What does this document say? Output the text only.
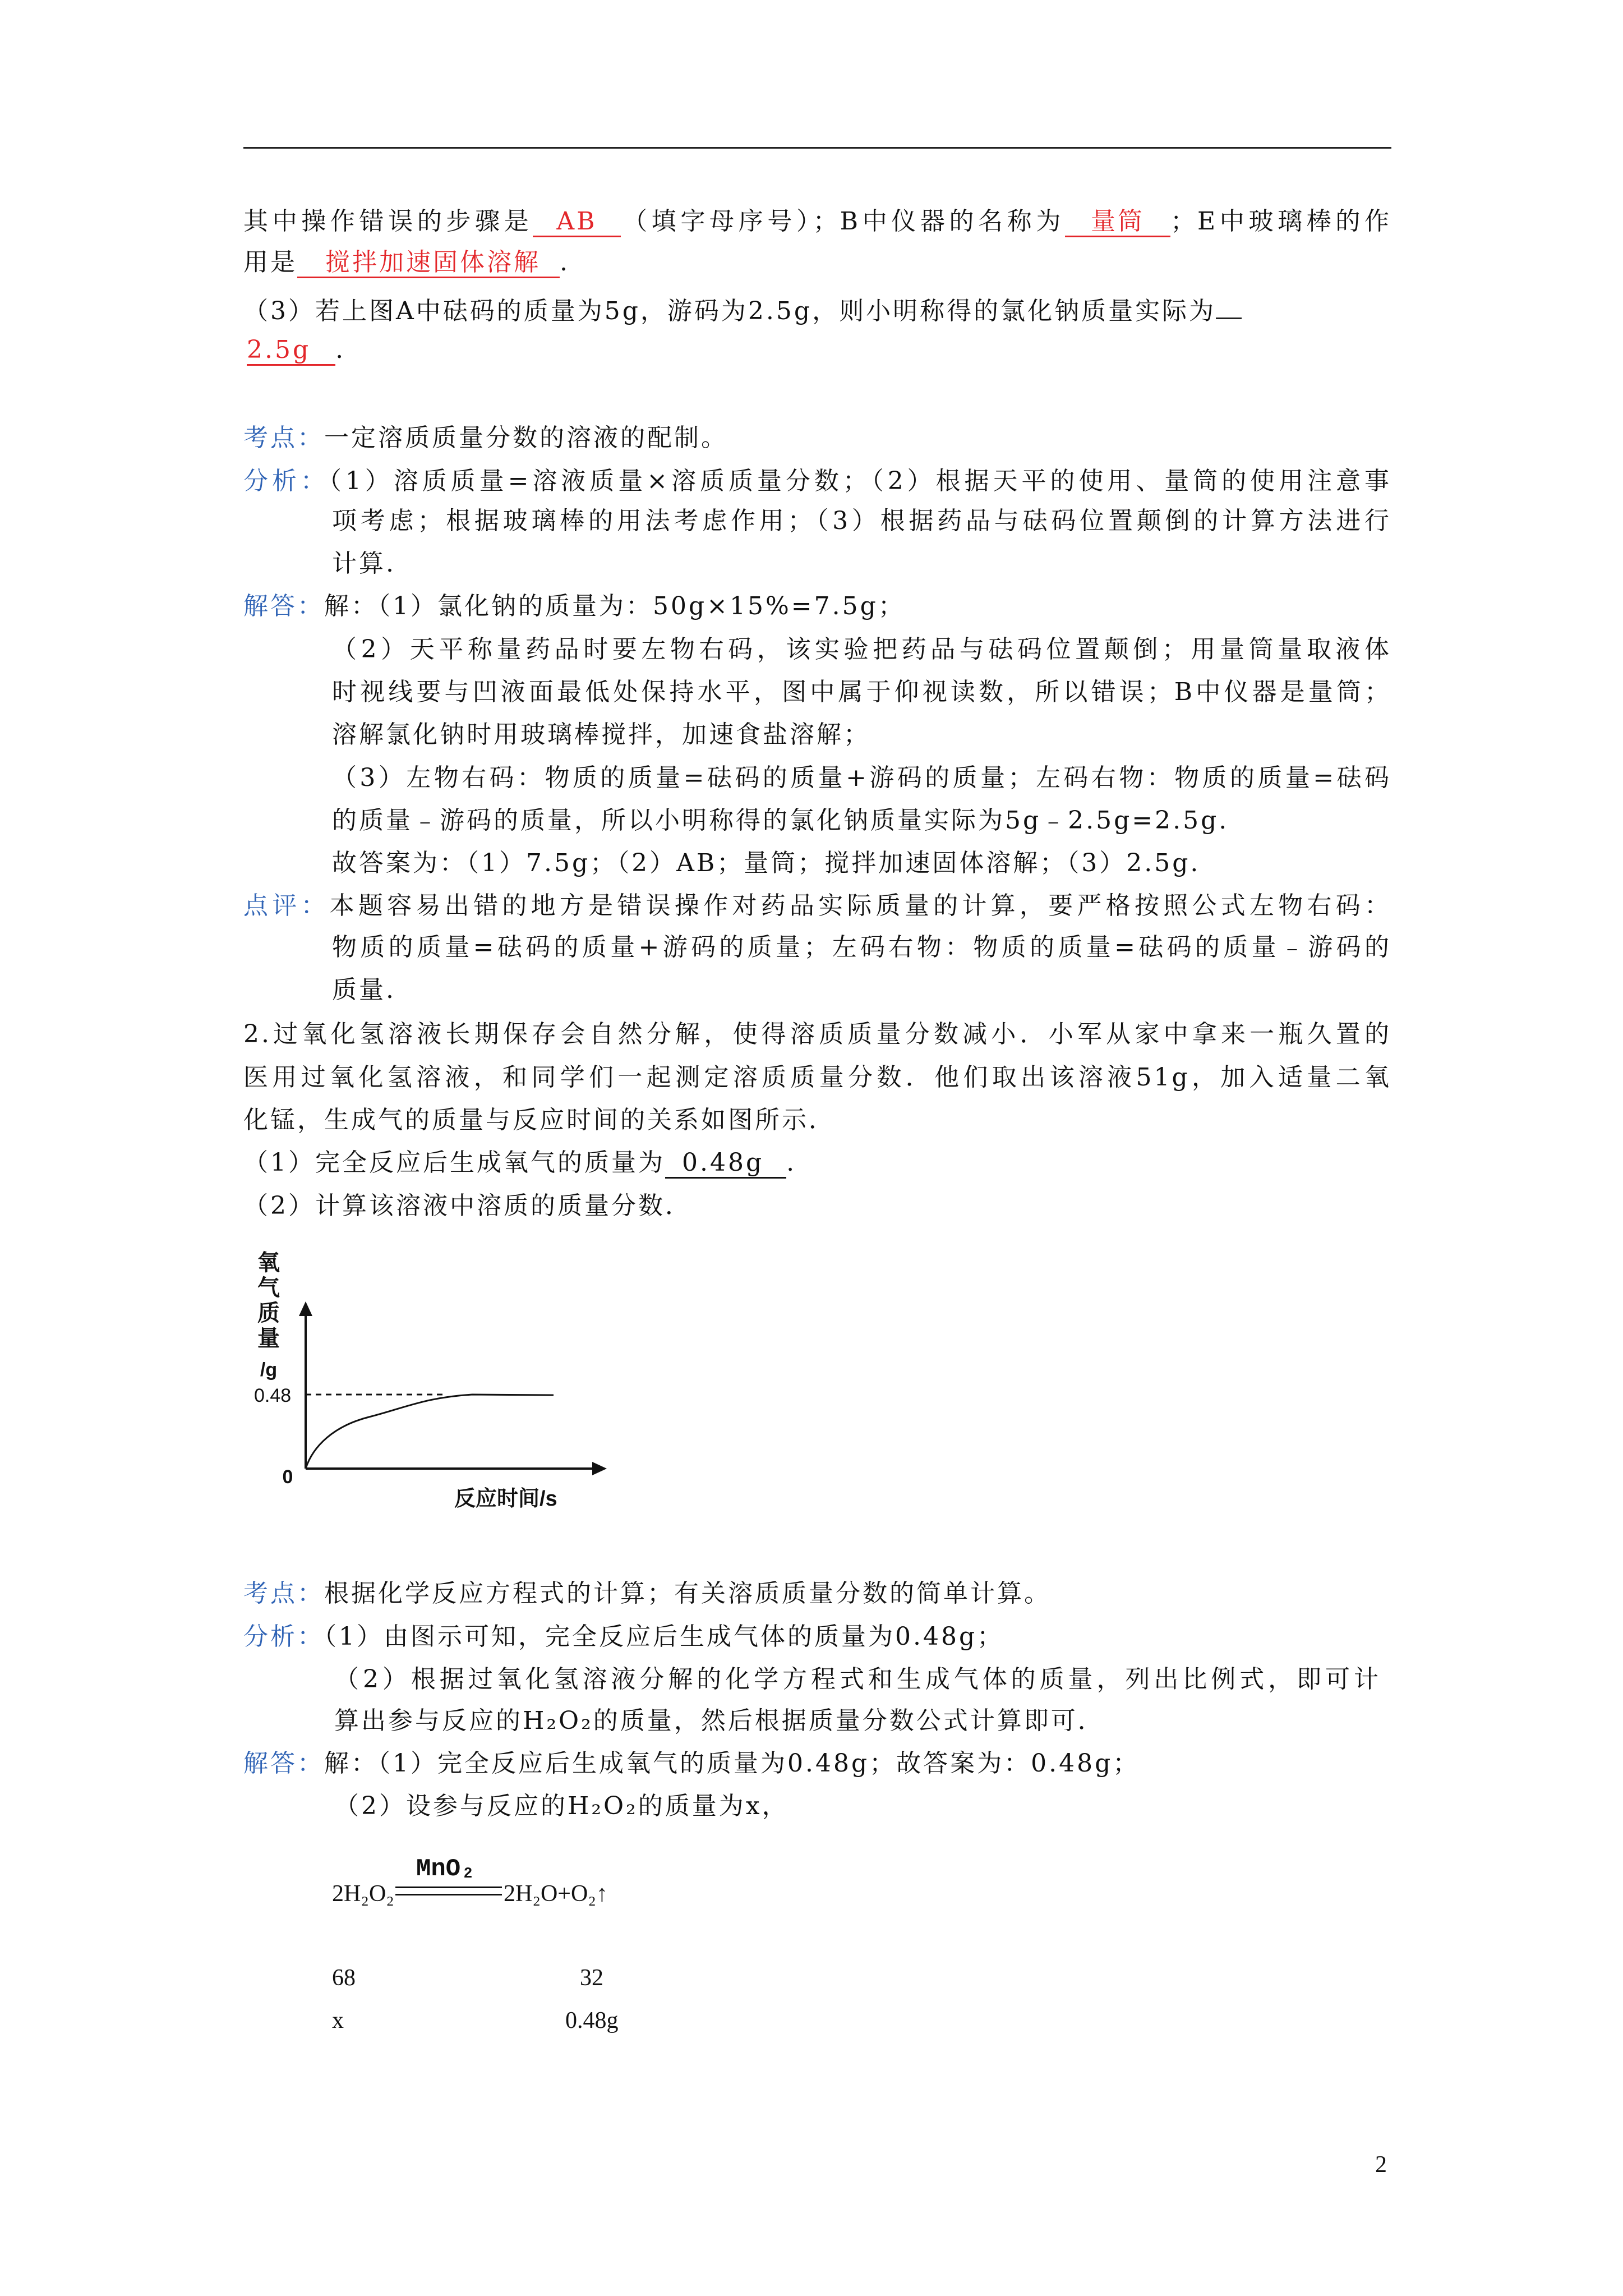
其中操作错误的步骤是 AB （填字母序号）；B中仪器的名称为 量筒 ；E中玻璃棒的作
用是 搅拌加速固体溶解 .
（3）若上图A中砝码的质量为5g，游码为2.5g，则小明称得的氯化钠质量实际为
2.5g .
考点：一定溶质质量分数的溶液的配制。
分析：（1）溶质质量=溶液质量×溶质质量分数；（2）根据天平的使用、量筒的使用注意事
项考虑；根据玻璃棒的用法考虑作用；（3）根据药品与砝码位置颠倒的计算方法进行
计算.
解答：解：（1）氯化钠的质量为：50g×15%=7.5g；
（2）天平称量药品时要左物右码，该实验把药品与砝码位置颠倒；用量筒量取液体
时视线要与凹液面最低处保持水平，图中属于仰视读数，所以错误；B中仪器是量筒；
溶解氯化钠时用玻璃棒搅拌，加速食盐溶解；
（3）左物右码：物质的质量=砝码的质量+游码的质量；左码右物：物质的质量=砝码
的质量﹣游码的质量，所以小明称得的氯化钠质量实际为5g﹣2.5g=2.5g.
故答案为：（1）7.5g；（2）AB；量筒；搅拌加速固体溶解；（3）2.5g.
点评：本题容易出错的地方是错误操作对药品实际质量的计算，要严格按照公式左物右码：
物质的质量=砝码的质量+游码的质量；左码右物：物质的质量=砝码的质量﹣游码的
质量.
2.过氧化氢溶液长期保存会自然分解，使得溶质质量分数减小．小军从家中拿来一瓶久置的
医用过氧化氢溶液，和同学们一起测定溶质质量分数．他们取出该溶液51g，加入适量二氧
化锰，生成气的质量与反应时间的关系如图所示．
（1）完全反应后生成氧气的质量为 0.48g .
（2）计算该溶液中溶质的质量分数．
氧
气
质
量
/g
0.48
0
反应时间/s
考点：根据化学反应方程式的计算；有关溶质质量分数的简单计算。
分析：（1）由图示可知，完全反应后生成气体的质量为0.48g；
（2）根据过氧化氢溶液分解的化学方程式和生成气体的质量，列出比例式，即可计
算出参与反应的H₂O₂的质量，然后根据质量分数公式计算即可．
解答：解：（1）完全反应后生成氧气的质量为0.48g；故答案为：0.48g；
（2）设参与反应的H₂O₂的质量为x，
MnO₂
2H₂O₂	2H₂O+O₂↑
68	32
x	0.48g
2
